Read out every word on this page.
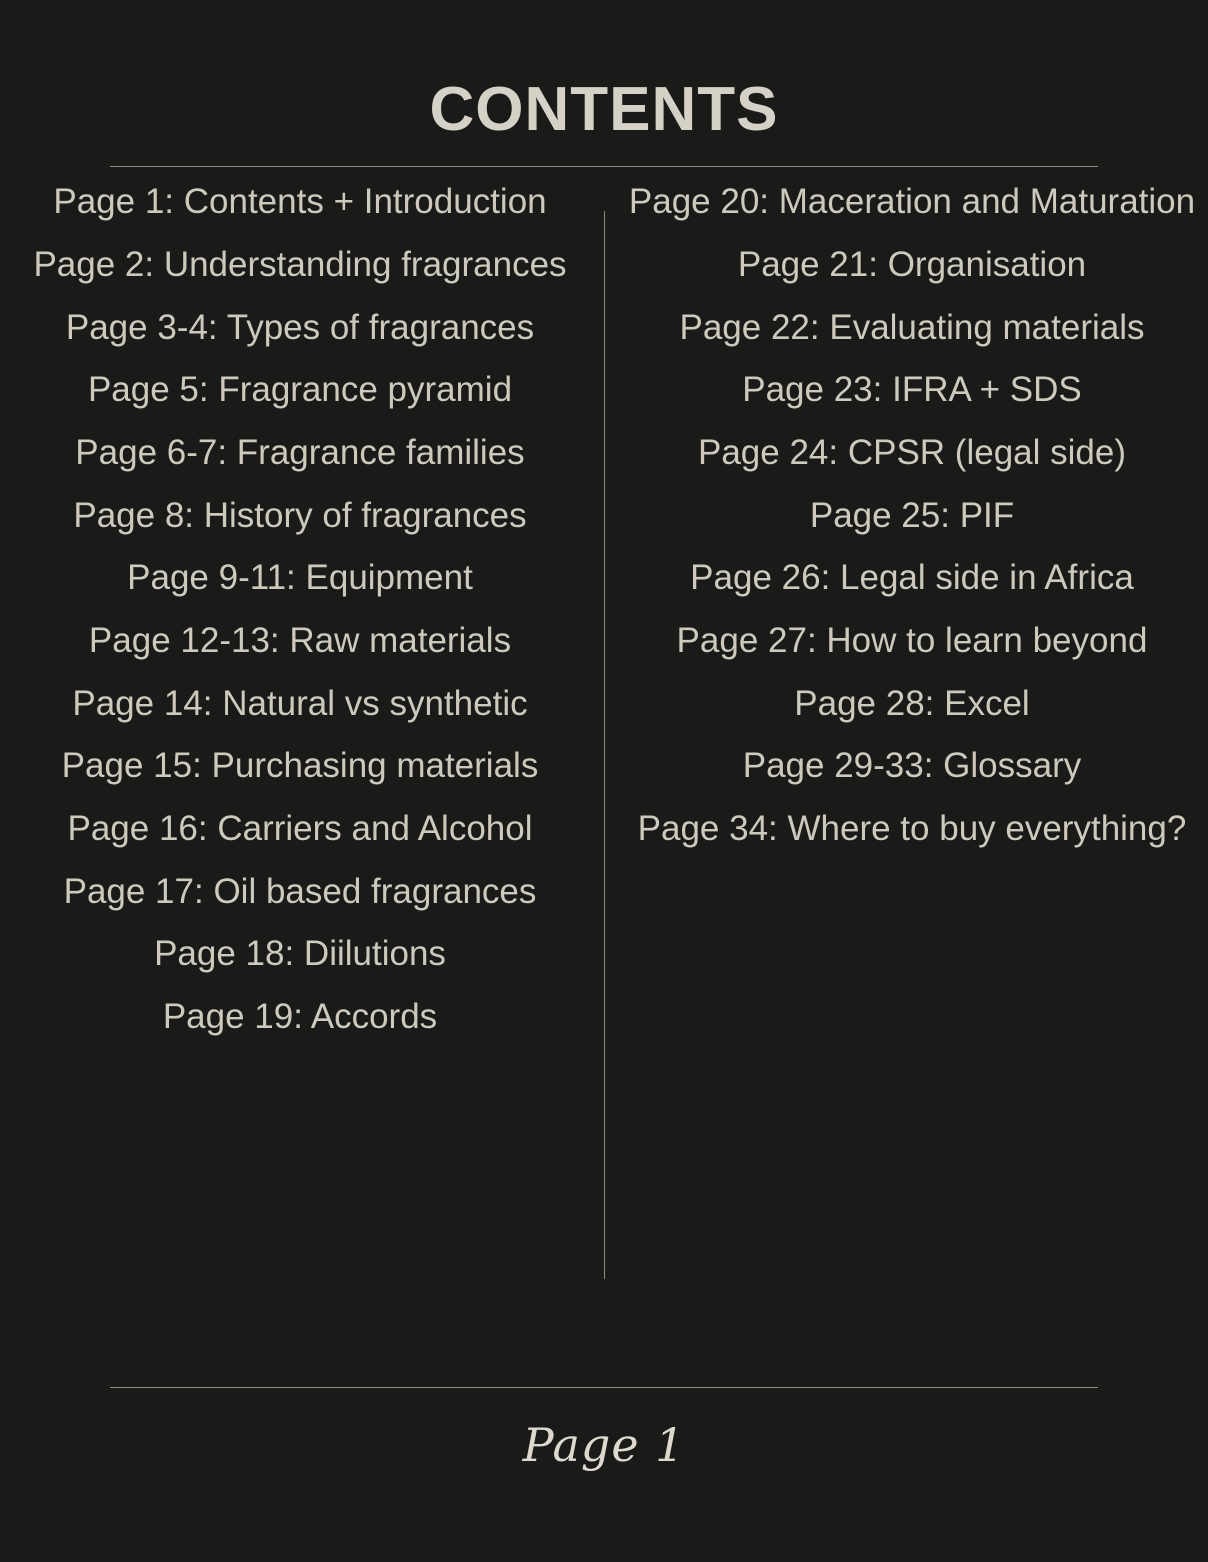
CONTENTS

Page 1: Contents + Introduction

Page 2: Understanding fragrances

Page 3-4: Types of fragrances

Page 5: Fragrance pyramid

Page 6-7: Fragrance families

Page 8: History of fragrances

Page 9-11: Equipment

Page 12-13: Raw materials

Page 14: Natural vs synthetic

Page 15: Purchasing materials

Page 16: Carriers and Alcohol

Page 17: Oil based fragrances

Page 18: Diilutions

Page 19: Accords

Page 20: Maceration and Maturation

Page 21: Organisation

Page 22: Evaluating materials

Page 23: IFRA + SDS

Page 24: CPSR (legal side)

Page 25: PIF

Page 26: Legal side in Africa

Page 27: How to learn beyond

Page 28: Excel

Page 29-33: Glossary

Page 34: Where to buy everything?

Page 1
